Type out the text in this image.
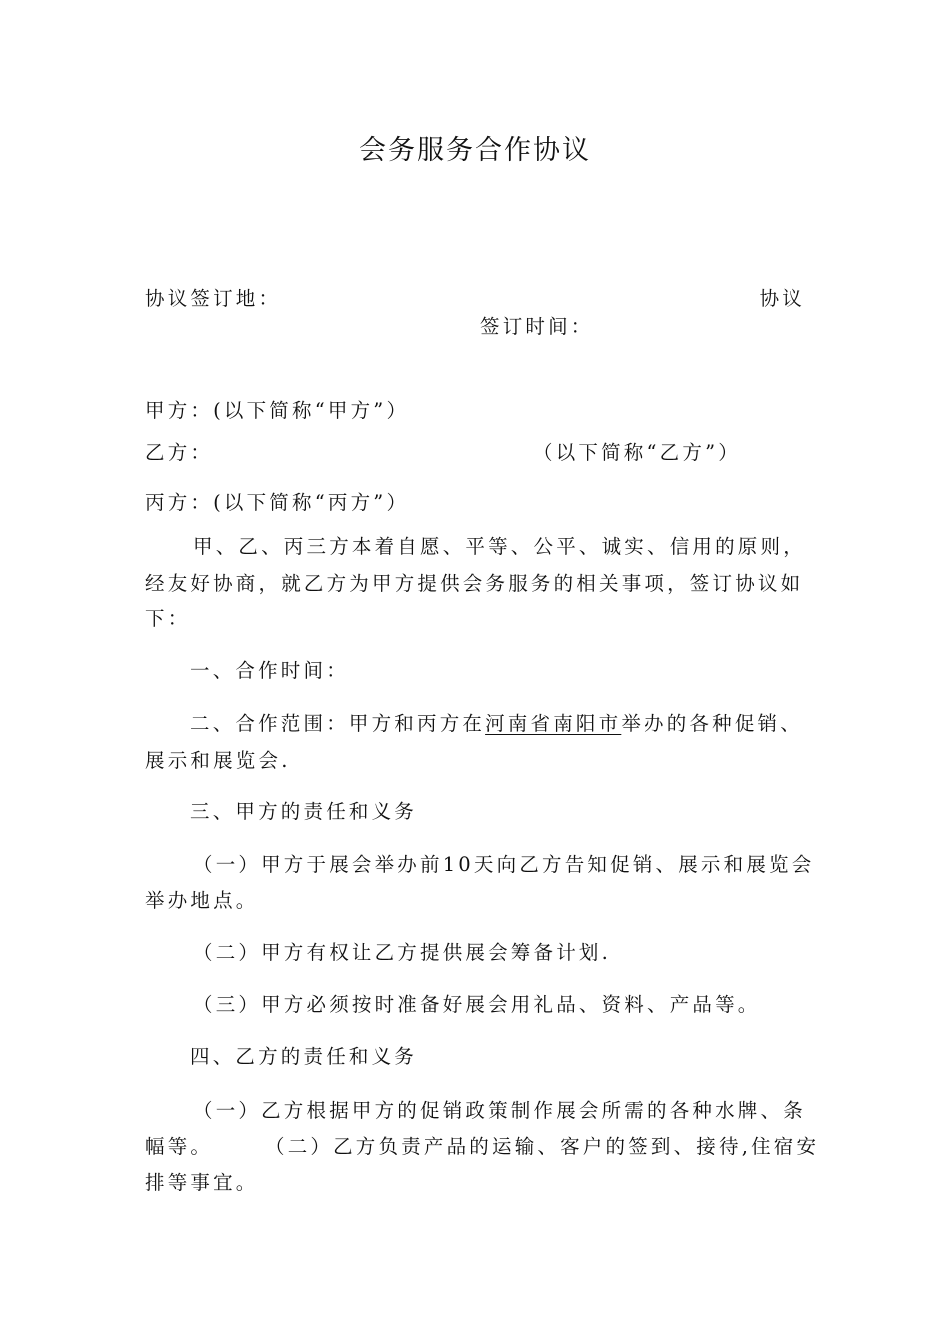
会务服务合作协议
协议签订地：	协议
签订时间：
甲方：(以下简称“甲方”）
乙方：	（以下简称“乙方”）
丙方：(以下简称“丙方”）
甲、乙、丙三方本着自愿、平等、公平、诚实、信用的原则，
经友好协商，就乙方为甲方提供会务服务的相关事项，签订协议如
下：
一、合作时间：
二、合作范围：甲方和丙方在河南省南阳市举办的各种促销、
展示和展览会.
三、甲方的责任和义务
（一）甲方于展会举办前10天向乙方告知促销、展示和展览会
举办地点。
（二）甲方有权让乙方提供展会筹备计划.
（三）甲方必须按时准备好展会用礼品、资料、产品等。
四、乙方的责任和义务
（一）乙方根据甲方的促销政策制作展会所需的各种水牌、条
幅等。	（二）乙方负责产品的运输、客户的签到、接待,住宿安
排等事宜。
